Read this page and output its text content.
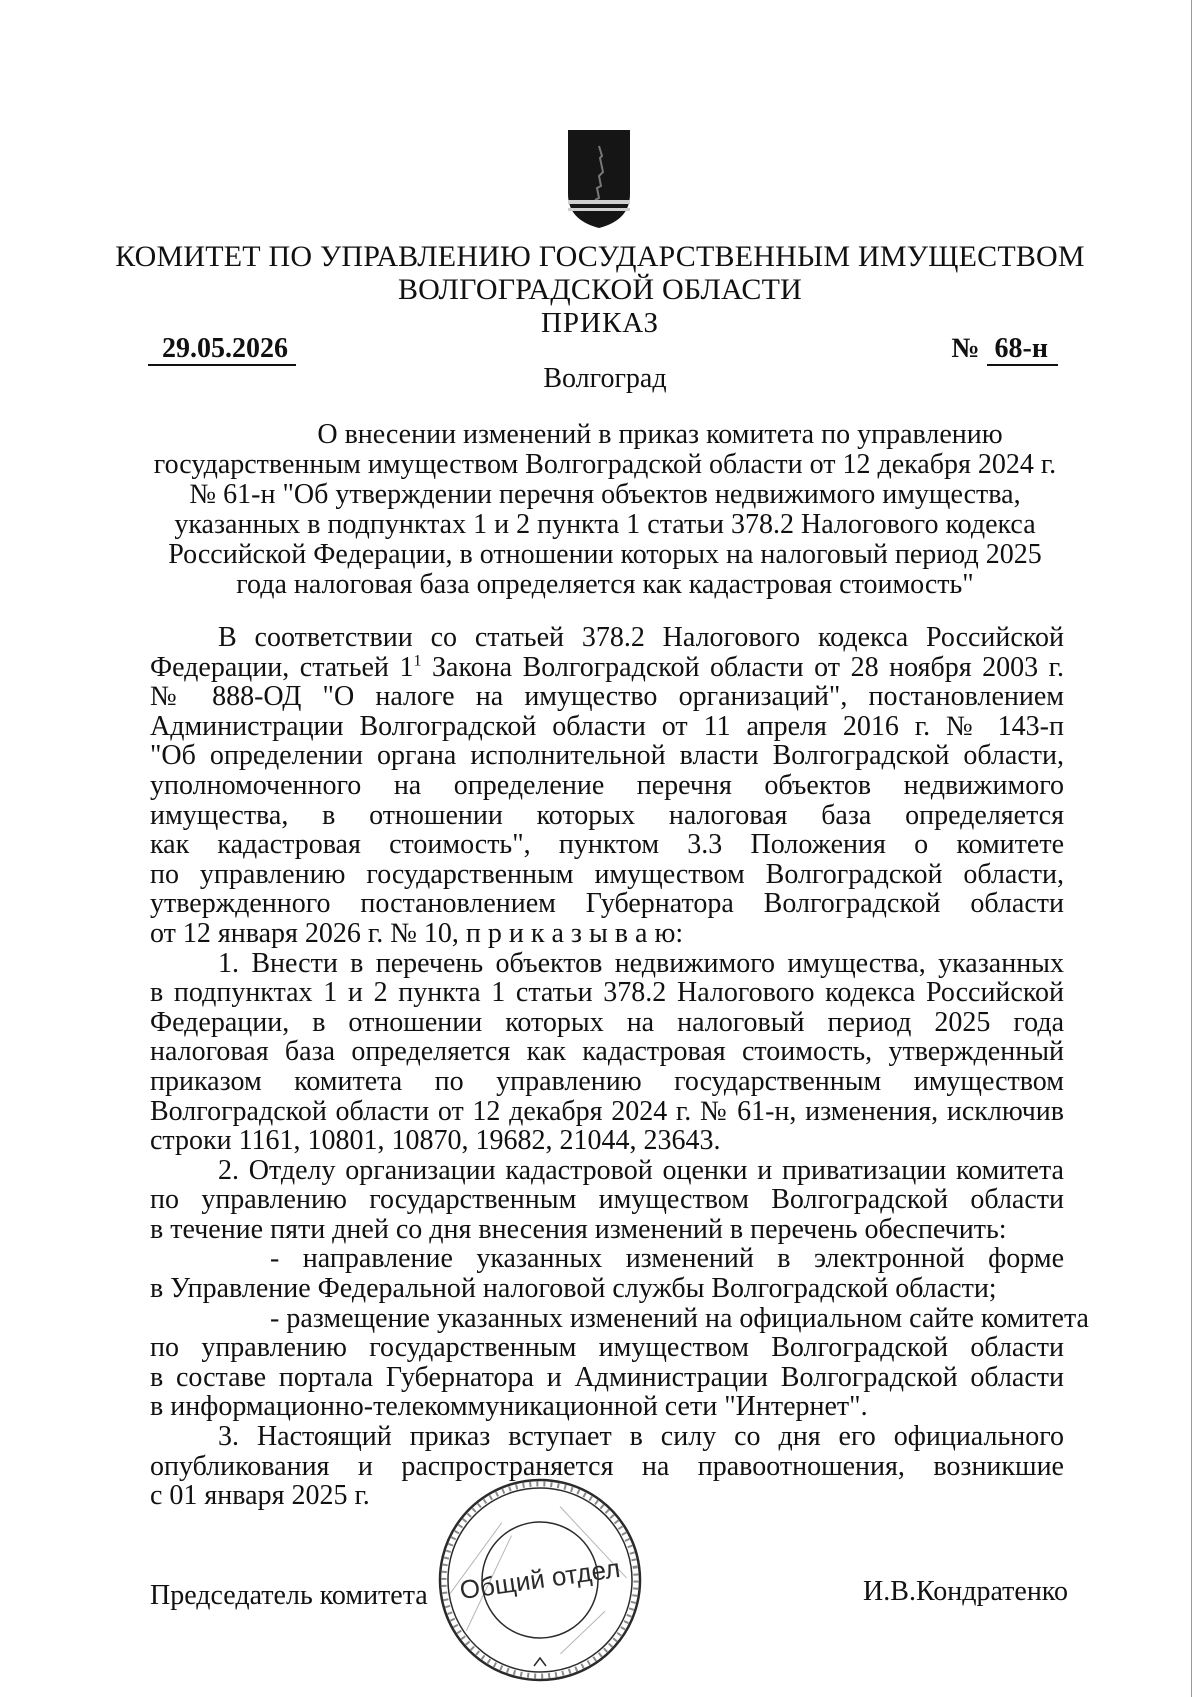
КОМИТЕТ ПО УПРАВЛЕНИЮ ГОСУДАРСТВЕННЫМ ИМУЩЕСТВОМ
ВОЛГОГРАДСКОЙ ОБЛАСТИ
ПРИКАЗ
29.05.2026	№ 68-н
Волгоград
О внесении изменений в приказ комитета по управлению
государственным имуществом Волгоградской области от 12 декабря 2024 г.
№ 61-н "Об утверждении перечня объектов недвижимого имущества,
указанных в подпунктах 1 и 2 пункта 1 статьи 378.2 Налогового кодекса
Российской Федерации, в отношении которых на налоговый период 2025
года налоговая база определяется как кадастровая стоимость"
В соответствии со статьей 378.2 Налогового кодекса Российской
Федерации, статьей $1^1$ Закона Волгоградской области от 28 ноября 2003 г.
№ 888-ОД "О налоге на имущество организаций", постановлением
Администрации Волгоградской области от 11 апреля 2016 г. № 143-п
"Об определении органа исполнительной власти Волгоградской области,
уполномоченного на определение перечня объектов недвижимого
имущества, в отношении которых налоговая база определяется
как кадастровая стоимость", пунктом 3.3 Положения о комитете
по управлению государственным имуществом Волгоградской области,
утвержденного постановлением Губернатора Волгоградской области
от 12 января 2026 г. № 10, п р и к а з ы в а ю:
1. Внести в перечень объектов недвижимого имущества, указанных
в подпунктах 1 и 2 пункта 1 статьи 378.2 Налогового кодекса Российской
Федерации, в отношении которых на налоговый период 2025 года
налоговая база определяется как кадастровая стоимость, утвержденный
приказом комитета по управлению государственным имуществом
Волгоградской области от 12 декабря 2024 г. № 61-н, изменения, исключив
строки 1161, 10801, 10870, 19682, 21044, 23643.
2. Отделу организации кадастровой оценки и приватизации комитета
по управлению государственным имуществом Волгоградской области
в течение пяти дней со дня внесения изменений в перечень обеспечить:
- направление указанных изменений в электронной форме
в Управление Федеральной налоговой службы Волгоградской области;
- размещение указанных изменений на официальном сайте комитета
по управлению государственным имуществом Волгоградской области
в составе портала Губернатора и Администрации Волгоградской области
в информационно-телекоммуникационной сети "Интернет".
3. Настоящий приказ вступает в силу со дня его официального
опубликования и распространяется на правоотношения, возникшие
с 01 января 2025 г.
Председатель комитета	И.В.Кондратенко
Общий отдел
